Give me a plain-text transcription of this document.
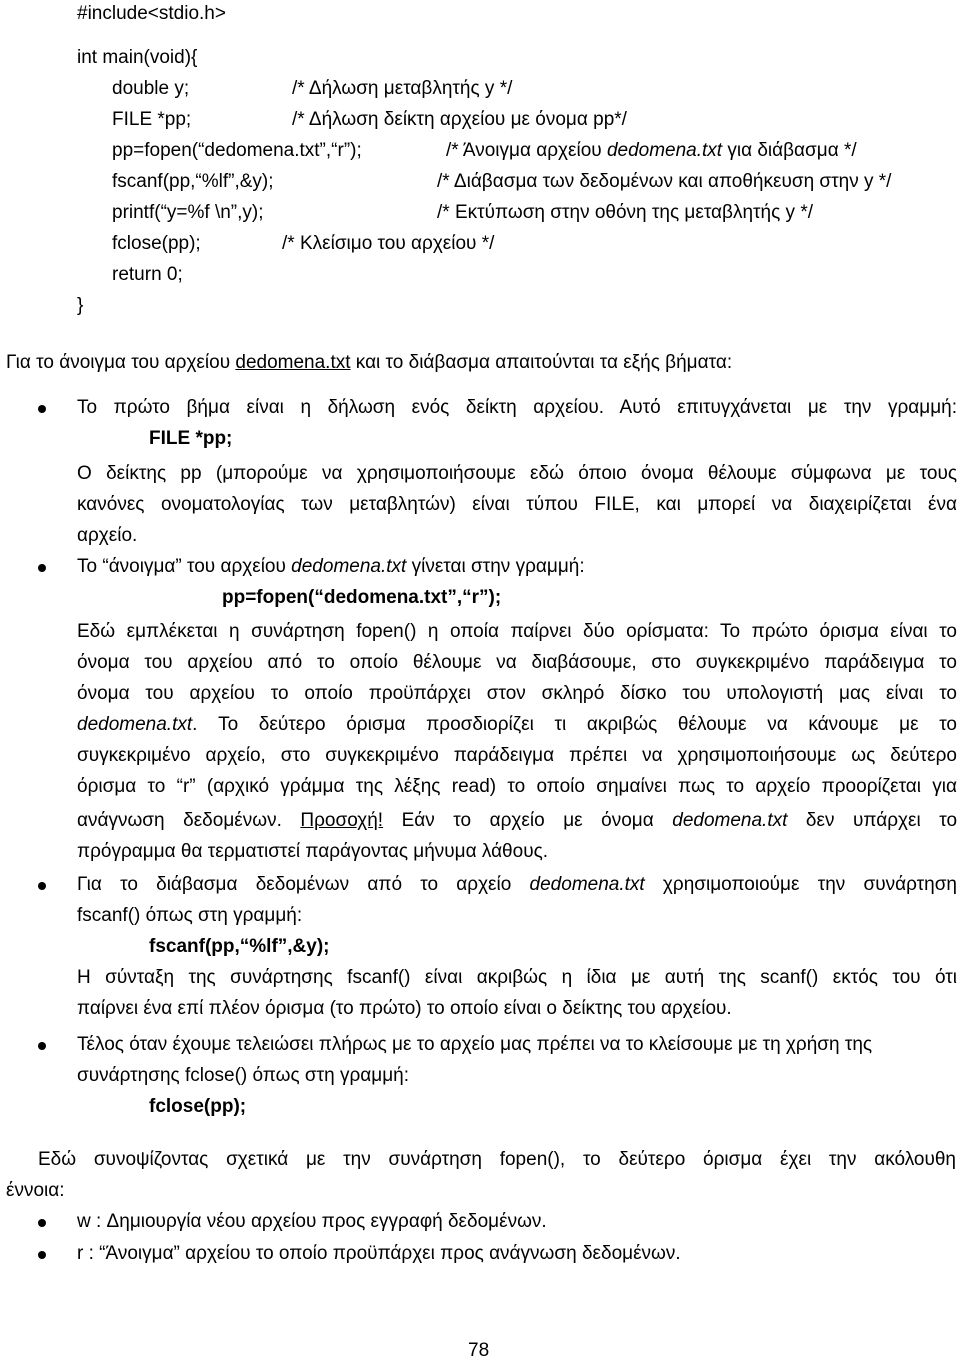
#include<stdio.h>
int main(void){
double y;	/* Δήλωση μεταβλητής y */
FILE *pp;	/* Δήλωση δείκτη αρχείου με όνομα pp*/
pp=fopen(“dedomena.txt”,“r”);	/* Άνοιγμα αρχείου dedomena.txt για διάβασμα */
fscanf(pp,“%lf”,&y);	/* Διάβασμα των δεδομένων και αποθήκευση στην y */
printf(“y=%f \n”,y);	/* Εκτύπωση στην οθόνη της μεταβλητής y */
fclose(pp);	/* Κλείσιμο του αρχείου */
return 0;
}
Για το άνοιγμα του αρχείου dedomena.txt και το διάβασμα απαιτούνται τα εξής βήματα:
Το πρώτο βήμα είναι η δήλωση ενός δείκτη αρχείου. Αυτό επιτυγχάνεται με την γραμμή:
FILE *pp;
Ο δείκτης pp (μπορούμε να χρησιμοποιήσουμε εδώ όποιο όνομα θέλουμε σύμφωνα με τους
κανόνες ονοματολογίας των μεταβλητών) είναι τύπου FILE, και μπορεί να διαχειρίζεται ένα
αρχείο.
Το “άνοιγμα” του αρχείου dedomena.txt γίνεται στην γραμμή:
pp=fopen(“dedomena.txt”,“r”);
Εδώ εμπλέκεται η συνάρτηση fopen() η οποία παίρνει δύο ορίσματα: Το πρώτο όρισμα είναι το
όνομα του αρχείου από το οποίο θέλουμε να διαβάσουμε, στο συγκεκριμένο παράδειγμα το
όνομα του αρχείου το οποίο προϋπάρχει στον σκληρό δίσκο του υπολογιστή μας είναι το
dedomena.txt. Το δεύτερο όρισμα προσδιορίζει τι ακριβώς θέλουμε να κάνουμε με το
συγκεκριμένο αρχείο, στο συγκεκριμένο παράδειγμα πρέπει να χρησιμοποιήσουμε ως δεύτερο
όρισμα το “r” (αρχικό γράμμα της λέξης read) το οποίο σημαίνει πως το αρχείο προορίζεται για
ανάγνωση δεδομένων. Προσοχή! Εάν το αρχείο με όνομα dedomena.txt δεν υπάρχει το
πρόγραμμα θα τερματιστεί παράγοντας μήνυμα λάθους.
Για το διάβασμα δεδομένων από το αρχείο dedomena.txt χρησιμοποιούμε την συνάρτηση
fscanf() όπως στη γραμμή:
fscanf(pp,“%lf”,&y);
Η σύνταξη της συνάρτησης fscanf() είναι ακριβώς η ίδια με αυτή της scanf() εκτός του ότι
παίρνει ένα επί πλέον όρισμα (το πρώτο) το οποίο είναι ο δείκτης του αρχείου.
Τέλος όταν έχουμε τελειώσει πλήρως με το αρχείο μας πρέπει να το κλείσουμε με τη χρήση της
συνάρτησης fclose() όπως στη γραμμή:
fclose(pp);
Εδώ συνοψίζοντας σχετικά με την συνάρτηση fopen(), το δεύτερο όρισμα έχει την ακόλουθη
έννοια:
w : Δημιουργία νέου αρχείου προς εγγραφή δεδομένων.
r : “Άνοιγμα” αρχείου το οποίο προϋπάρχει προς ανάγνωση δεδομένων.
78
